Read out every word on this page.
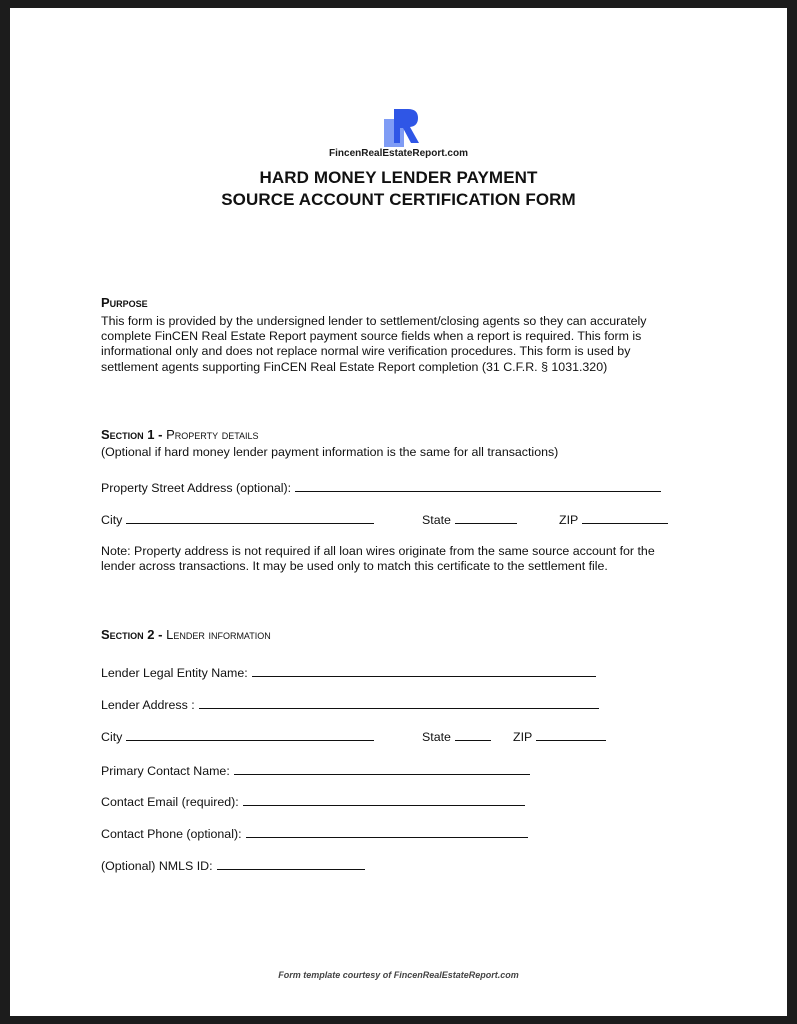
FincenRealEstateReport.com
HARD MONEY LENDER PAYMENT
SOURCE ACCOUNT CERTIFICATION FORM
Purpose
This form is provided by the undersigned lender to settlement/closing agents so they can accurately
complete FinCEN Real Estate Report payment source fields when a report is required. This form is
informational only and does not replace normal wire verification procedures. This form is used by
settlement agents supporting FinCEN Real Estate Report completion (31 C.F.R. § 1031.320)
Section 1 - Property details
(Optional if hard money lender payment information is the same for all transactions)
Property Street Address (optional):
City	State	ZIP
Note: Property address is not required if all loan wires originate from the same source account for the
lender across transactions. It may be used only to match this certificate to the settlement file.
Section 2 - Lender information
Lender Legal Entity Name:
Lender Address :
City	State	ZIP
Primary Contact Name:
Contact Email (required):
Contact Phone (optional):
(Optional) NMLS ID:
Form template courtesy of FincenRealEstateReport.com
